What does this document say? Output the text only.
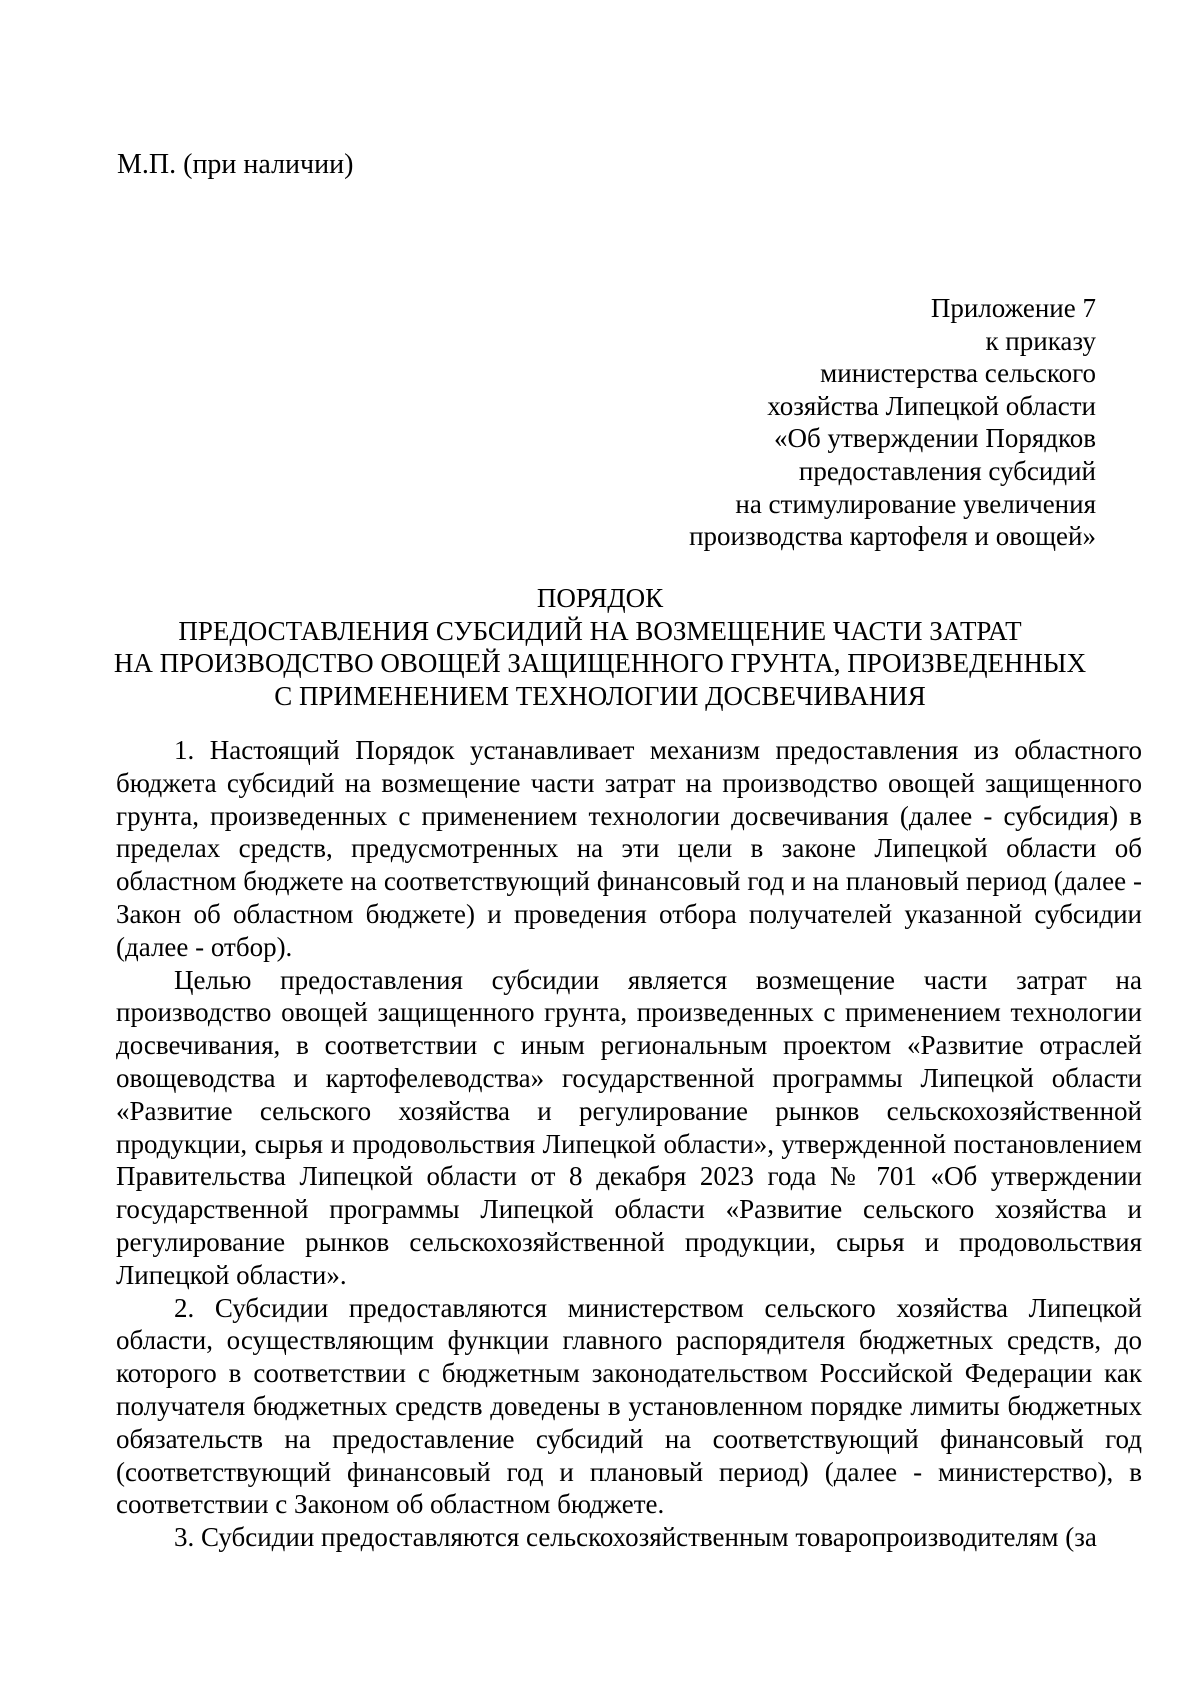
М.П. (при наличии)
Приложение 7
к приказу
министерства сельского
хозяйства Липецкой области
«Об утверждении Порядков
предоставления субсидий
на стимулирование увеличения
производства картофеля и овощей»
ПОРЯДОК
ПРЕДОСТАВЛЕНИЯ СУБСИДИЙ НА ВОЗМЕЩЕНИЕ ЧАСТИ ЗАТРАТ
НА ПРОИЗВОДСТВО ОВОЩЕЙ ЗАЩИЩЕННОГО ГРУНТА, ПРОИЗВЕДЕННЫХ
С ПРИМЕНЕНИЕМ ТЕХНОЛОГИИ ДОСВЕЧИВАНИЯ

1. Настоящий Порядок устанавливает механизм предоставления из областного бюджета субсидий на возмещение части затрат на производство овощей защищенного грунта, произведенных с применением технологии досвечивания (далее - субсидия) в пределах средств, предусмотренных на эти цели в законе Липецкой области об областном бюджете на соответствующий финансовый год и на плановый период (далее - Закон об областном бюджете) и проведения отбора получателей указанной субсидии (далее - отбор).

Целью предоставления субсидии является возмещение части затрат на производство овощей защищенного грунта, произведенных с применением технологии досвечивания, в соответствии с иным региональным проектом «Развитие отраслей овощеводства и картофелеводства» государственной программы Липецкой области «Развитие сельского хозяйства и регулирование рынков сельскохозяйственной продукции, сырья и продовольствия Липецкой области», утвержденной постановлением Правительства Липецкой области от 8 декабря 2023 года № 701 «Об утверждении государственной программы Липецкой области «Развитие сельского хозяйства и регулирование рынков сельскохозяйственной продукции, сырья и продовольствия Липецкой области».

2. Субсидии предоставляются министерством сельского хозяйства Липецкой области, осуществляющим функции главного распорядителя бюджетных средств, до которого в соответствии с бюджетным законодательством Российской Федерации как получателя бюджетных средств доведены в установленном порядке лимиты бюджетных обязательств на предоставление субсидий на соответствующий финансовый год (соответствующий финансовый год и плановый период) (далее - министерство), в соответствии с Законом об областном бюджете.

3. Субсидии предоставляются сельскохозяйственным товаропроизводителям (за
